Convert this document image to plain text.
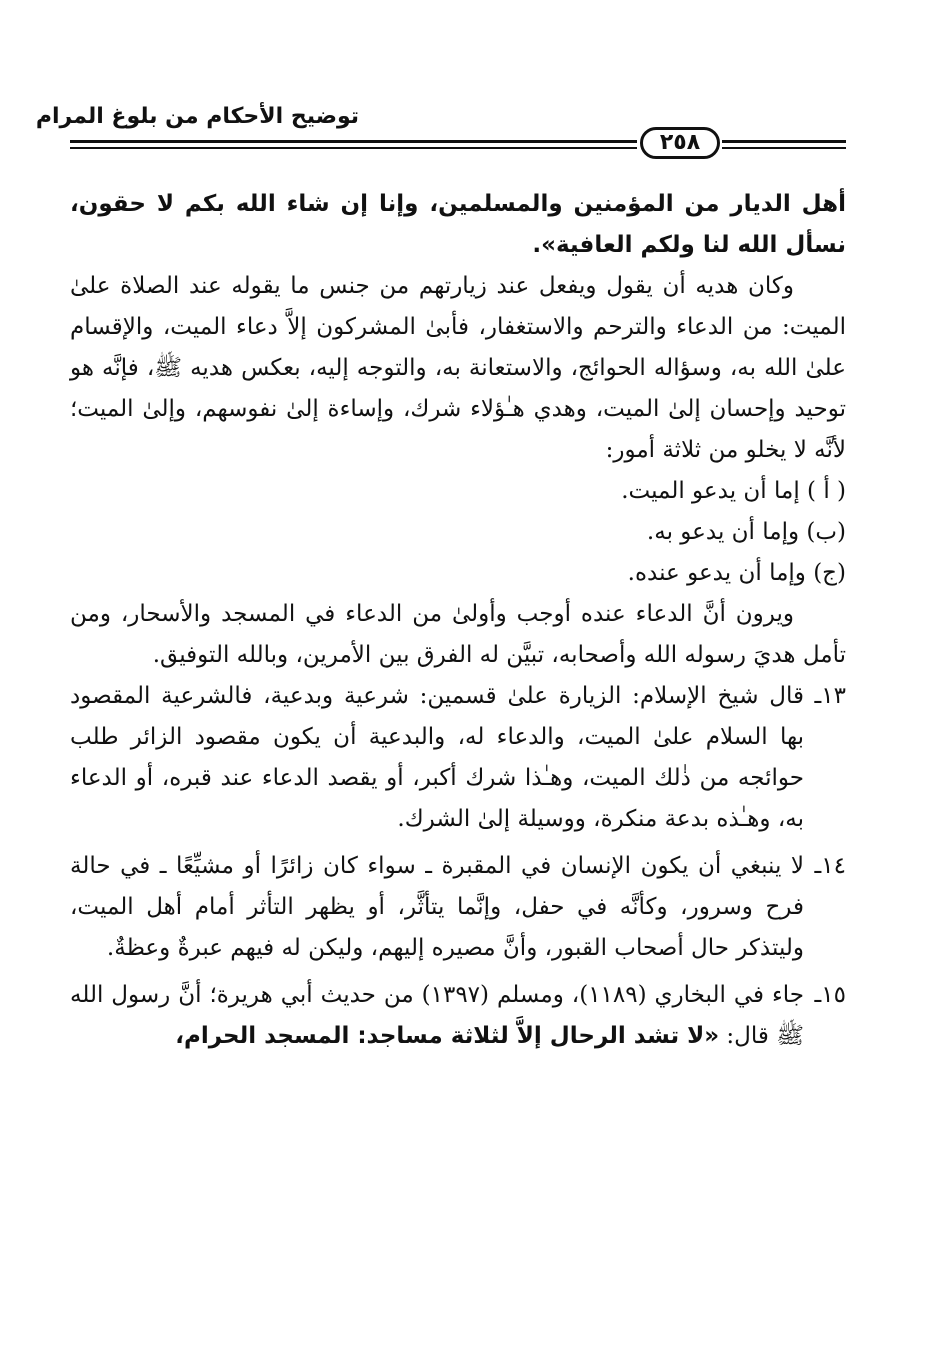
توضيح الأحكام من بلوغ المرام
٢٥٨

أهل الديار من المؤمنين والمسلمين، وإنا إن شاء الله بكم لا حقون، نسأل الله لنا ولكم العافية».

وكان هديه أن يقول ويفعل عند زيارتهم من جنس ما يقوله عند الصلاة علىٰ الميت: من الدعاء والترحم والاستغفار، فأبىٰ المشركون إلاَّ دعاء الميت، والإقسام علىٰ الله به، وسؤاله الحوائج، والاستعانة به، والتوجه إليه، بعكس هديه ﷺ، فإنَّه هو توحيد وإحسان إلىٰ الميت، وهدي هـٰؤلاء شرك، وإساءة إلىٰ نفوسهم، وإلىٰ الميت؛ لأنَّه لا يخلو من ثلاثة أمور:

( أ ) إما أن يدعو الميت.

(ب) وإما أن يدعو به.

(ج) وإما أن يدعو عنده.

ويرون أنَّ الدعاء عنده أوجب وأولىٰ من الدعاء في المسجد والأسحار، ومن تأمل هديَ رسوله الله وأصحابه، تبيَّن له الفرق بين الأمرين، وبالله التوفيق.

١٣ـ
قال شيخ الإسلام: الزيارة علىٰ قسمين: شرعية وبدعية، فالشرعية المقصود بها السلام علىٰ الميت، والدعاء له، والبدعية أن يكون مقصود الزائر طلب حوائجه من ذٰلك الميت، وهـٰذا شرك أكبر، أو يقصد الدعاء عند قبره، أو الدعاء به، وهـٰذه بدعة منكرة، ووسيلة إلىٰ الشرك.
١٤ـ
لا ينبغي أن يكون الإنسان في المقبرة ـ سواء كان زائرًا أو مشيِّعًا ـ في حالة فرح وسرور، وكأنَّه في حفل، وإنَّما يتأثَّر، أو يظهر التأثر أمام أهل الميت، وليتذكر حال أصحاب القبور، وأنَّ مصيره إليهم، وليكن له فيهم عبرةٌ وعظةٌ.
١٥ـ
جاء في البخاري (١١٨٩)، ومسلم (١٣٩٧) من حديث أبي هريرة؛ أنَّ رسول الله ﷺ قال: «لا تشد الرحال إلاَّ لثلاثة مساجد: المسجد الحرام،
